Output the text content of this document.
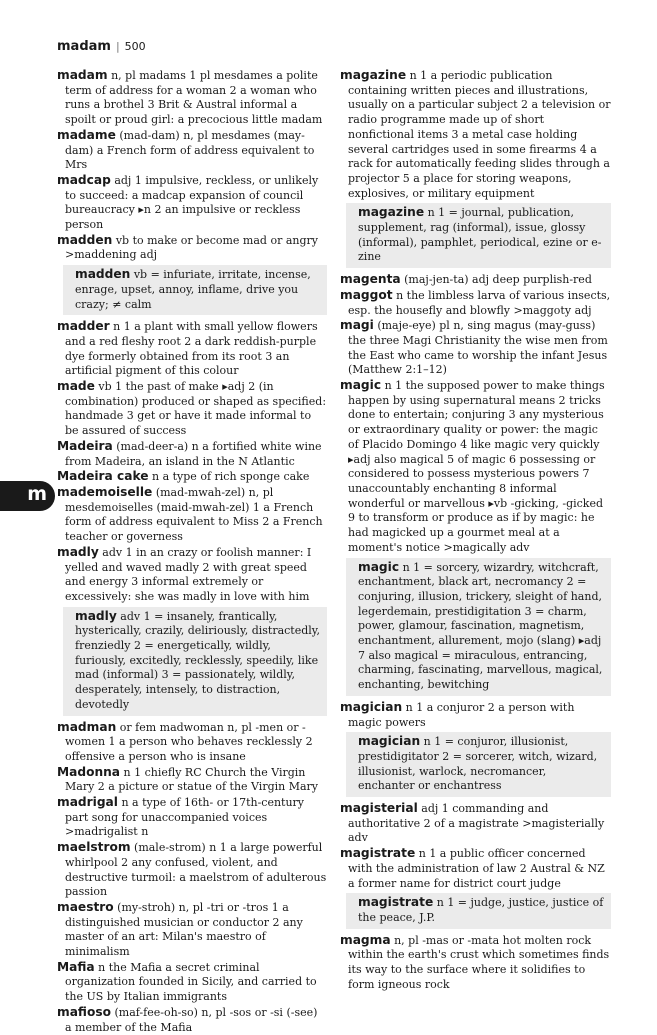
madam | 500
m
madam n, pl madams 1 pl mesdames a polite term of address for a woman 2 a woman who runs a brothel 3 Brit & Austral informal a spoilt or proud girl: a precocious little madam
madame (mad-dam) n, pl mesdames (may-dam) a French form of address equivalent to Mrs
madcap adj 1 impulsive, reckless, or unlikely to succeed: a madcap expansion of council bureaucracy ▸n 2 an impulsive or reckless person
madden vb to make or become mad or angry >maddening adj
madden vb = infuriate, irritate, incense, enrage, upset, annoy, inflame, drive you crazy; ≠ calm
madder n 1 a plant with small yellow flowers and a red fleshy root 2 a dark reddish-purple dye formerly obtained from its root 3 an artificial pigment of this colour
made vb 1 the past of make ▸adj 2 (in combination) produced or shaped as specified: handmade 3 get or have it made informal to be assured of success
Madeira (mad-deer-a) n a fortified white wine from Madeira, an island in the N Atlantic
Madeira cake n a type of rich sponge cake
mademoiselle (mad-mwah-zel) n, pl mesdemoiselles (maid-mwah-zel) 1 a French form of address equivalent to Miss 2 a French teacher or governess
madly adv 1 in an crazy or foolish manner: I yelled and waved madly 2 with great speed and energy 3 informal extremely or excessively: she was madly in love with him
madly adv 1 = insanely, frantically, hysterically, crazily, deliriously, distractedly, frenziedly 2 = energetically, wildly, furiously, excitedly, recklessly, speedily, like mad (informal) 3 = passionately, wildly, desperately, intensely, to distraction, devotedly
madman or fem madwoman n, pl -men or -women 1 a person who behaves recklessly 2 offensive a person who is insane
Madonna n 1 chiefly RC Church the Virgin Mary 2 a picture or statue of the Virgin Mary
madrigal n a type of 16th- or 17th-century part song for unaccompanied voices >madrigalist n
maelstrom (male-strom) n 1 a large powerful whirlpool 2 any confused, violent, and destructive turmoil: a maelstrom of adulterous passion
maestro (my-stroh) n, pl -tri or -tros 1 a distinguished musician or conductor 2 any master of an art: Milan's maestro of minimalism
Mafia n the Mafia a secret criminal organization founded in Sicily, and carried to the US by Italian immigrants
mafioso (maf-fee-oh-so) n, pl -sos or -si (-see) a member of the Mafia
magazine n 1 a periodic publication containing written pieces and illustrations, usually on a particular subject 2 a television or radio programme made up of short nonfictional items 3 a metal case holding several cartridges used in some firearms 4 a rack for automatically feeding slides through a projector 5 a place for storing weapons, explosives, or military equipment
magazine n 1 = journal, publication, supplement, rag (informal), issue, glossy (informal), pamphlet, periodical, ezine or e-zine
magenta (maj-jen-ta) adj deep purplish-red
maggot n the limbless larva of various insects, esp. the housefly and blowfly >maggoty adj
magi (maje-eye) pl n, sing magus (may-guss) the three Magi Christianity the wise men from the East who came to worship the infant Jesus (Matthew 2:1–12)
magic n 1 the supposed power to make things happen by using supernatural means 2 tricks done to entertain; conjuring 3 any mysterious or extraordinary quality or power: the magic of Placido Domingo 4 like magic very quickly ▸adj also magical 5 of magic 6 possessing or considered to possess mysterious powers 7 unaccountably enchanting 8 informal wonderful or marvellous ▸vb -gicking, -gicked 9 to transform or produce as if by magic: he had magicked up a gourmet meal at a moment's notice >magically adv
magic n 1 = sorcery, wizardry, witchcraft, enchantment, black art, necromancy 2 = conjuring, illusion, trickery, sleight of hand, legerdemain, prestidigitation 3 = charm, power, glamour, fascination, magnetism, enchantment, allurement, mojo (slang) ▸adj 7 also magical = miraculous, entrancing, charming, fascinating, marvellous, magical, enchanting, bewitching
magician n 1 a conjuror 2 a person with magic powers
magician n 1 = conjuror, illusionist, prestidigitator 2 = sorcerer, witch, wizard, illusionist, warlock, necromancer, enchanter or enchantress
magisterial adj 1 commanding and authoritative 2 of a magistrate >magisterially adv
magistrate n 1 a public officer concerned with the administration of law 2 Austral & NZ a former name for district court judge
magistrate n 1 = judge, justice, justice of the peace, J.P.
magma n, pl -mas or -mata hot molten rock within the earth's crust which sometimes finds its way to the surface where it solidifies to form igneous rock
